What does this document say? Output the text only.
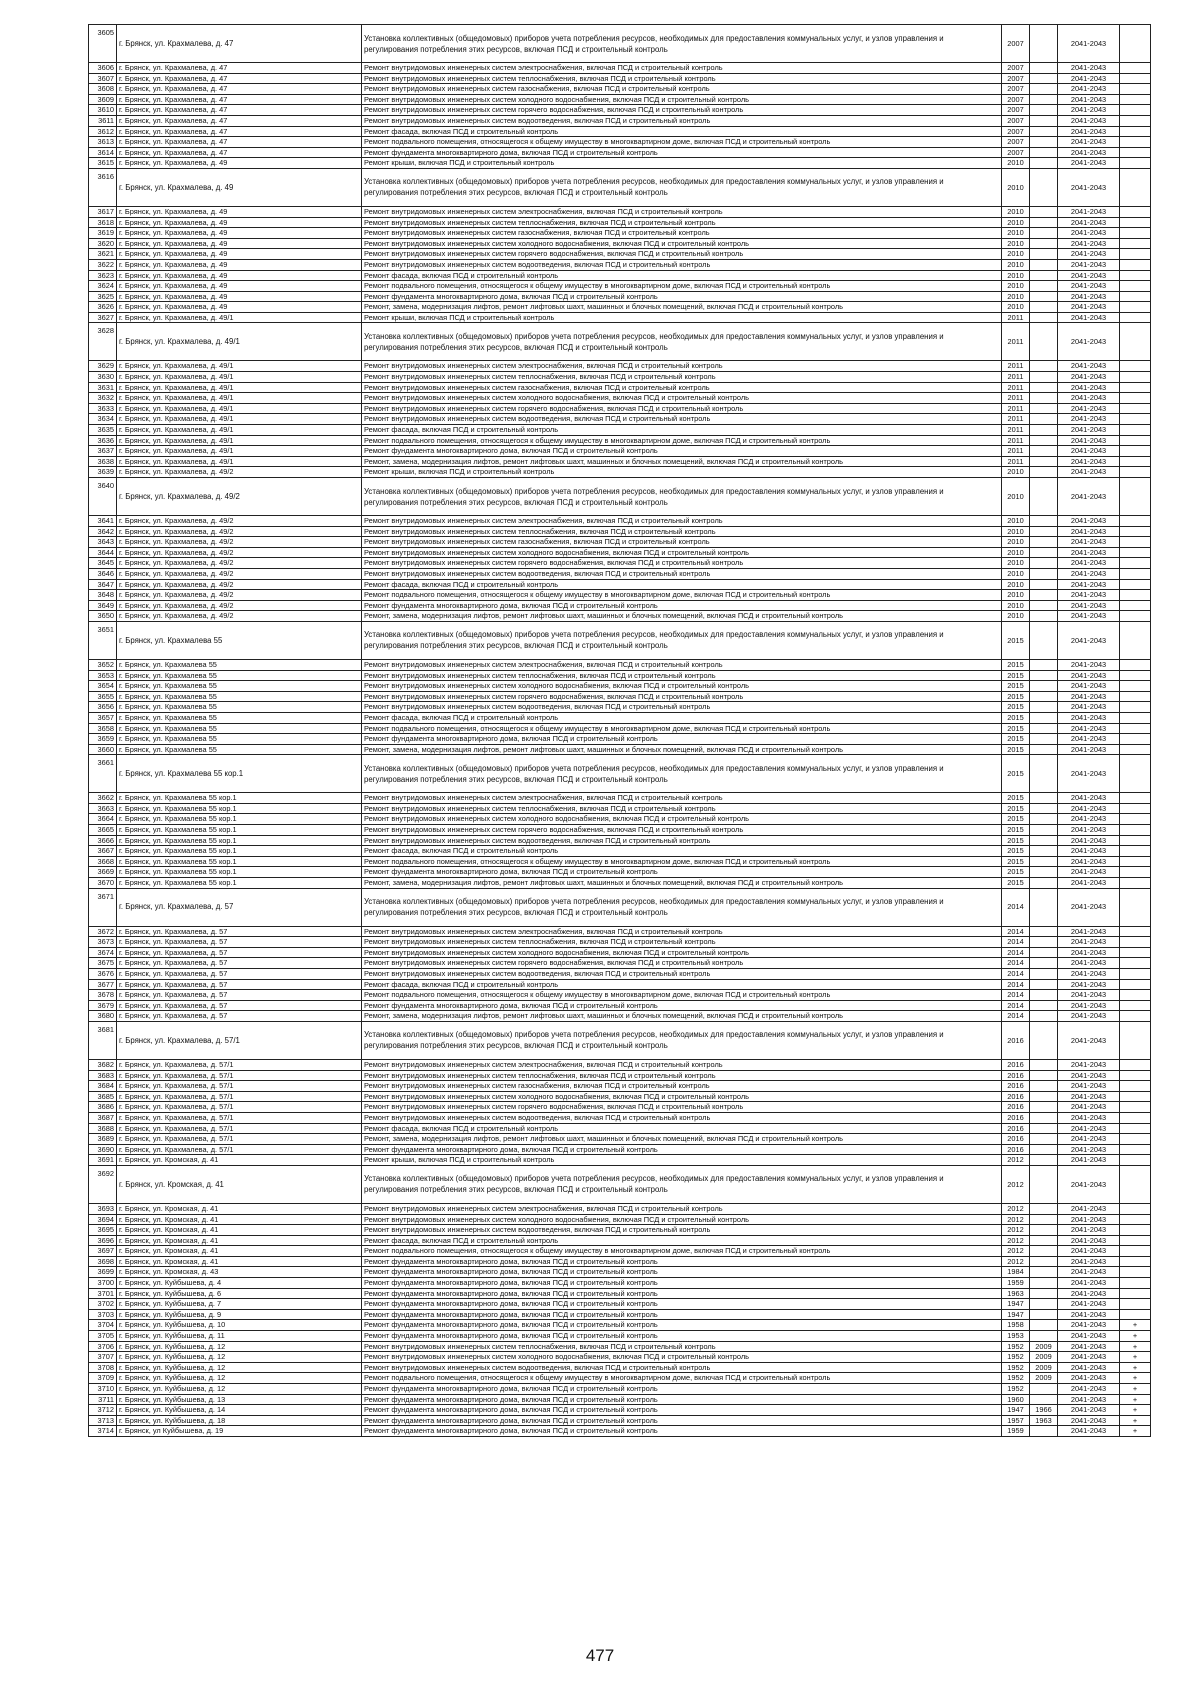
3605	г. Брянск, ул. Крахмалева, д. 47	Установка коллективных (общедомовых) приборов учета потребления ресурсов, необходимых для предоставления коммунальных услуг, и узлов управления и регулирования потребления этих ресурсов, включая ПСД и строительный контроль	2007		2041-2043	
3606	г. Брянск, ул. Крахмалева, д. 47	Ремонт внутридомовых инженерных систем электроснабжения, включая ПСД и строительный контроль	2007		2041-2043	
3607	г. Брянск, ул. Крахмалева, д. 47	Ремонт внутридомовых инженерных систем теплоснабжения, включая ПСД и строительный контроль	2007		2041-2043	
3608	г. Брянск, ул. Крахмалева, д. 47	Ремонт внутридомовых инженерных систем газоснабжения, включая ПСД и строительный контроль	2007		2041-2043	
3609	г. Брянск, ул. Крахмалева, д. 47	Ремонт внутридомовых инженерных систем холодного водоснабжения, включая ПСД и строительный контроль	2007		2041-2043	
3610	г. Брянск, ул. Крахмалева, д. 47	Ремонт внутридомовых инженерных систем горячего водоснабжения, включая ПСД и строительный контроль	2007		2041-2043	
3611	г. Брянск, ул. Крахмалева, д. 47	Ремонт внутридомовых инженерных систем водоотведения, включая ПСД и строительный контроль	2007		2041-2043	
3612	г. Брянск, ул. Крахмалева, д. 47	Ремонт фасада, включая ПСД и строительный контроль	2007		2041-2043	
3613	г. Брянск, ул. Крахмалева, д. 47	Ремонт подвального помещения, относящегося к общему имуществу в многоквартирном доме, включая ПСД и строительный контроль	2007		2041-2043	
3614	г. Брянск, ул. Крахмалева, д. 47	Ремонт фундамента многоквартирного дома, включая ПСД и строительный контроль	2007		2041-2043	
3615	г. Брянск, ул. Крахмалева, д. 49	Ремонт крыши, включая ПСД и строительный контроль	2010		2041-2043	
3616	г. Брянск, ул. Крахмалева, д. 49	Установка коллективных (общедомовых) приборов учета потребления ресурсов, необходимых для предоставления коммунальных услуг, и узлов управления и регулирования потребления этих ресурсов, включая ПСД и строительный контроль	2010		2041-2043	
3617	г. Брянск, ул. Крахмалева, д. 49	Ремонт внутридомовых инженерных систем электроснабжения, включая ПСД и строительный контроль	2010		2041-2043	
3618	г. Брянск, ул. Крахмалева, д. 49	Ремонт внутридомовых инженерных систем теплоснабжения, включая ПСД и строительный контроль	2010		2041-2043	
3619	г. Брянск, ул. Крахмалева, д. 49	Ремонт внутридомовых инженерных систем газоснабжения, включая ПСД и строительный контроль	2010		2041-2043	
3620	г. Брянск, ул. Крахмалева, д. 49	Ремонт внутридомовых инженерных систем холодного водоснабжения, включая ПСД и строительный контроль	2010		2041-2043	
3621	г. Брянск, ул. Крахмалева, д. 49	Ремонт внутридомовых инженерных систем горячего водоснабжения, включая ПСД и строительный контроль	2010		2041-2043	
3622	г. Брянск, ул. Крахмалева, д. 49	Ремонт внутридомовых инженерных систем водоотведения, включая ПСД и строительный контроль	2010		2041-2043	
3623	г. Брянск, ул. Крахмалева, д. 49	Ремонт фасада, включая ПСД и строительный контроль	2010		2041-2043	
3624	г. Брянск, ул. Крахмалева, д. 49	Ремонт подвального помещения, относящегося к общему имуществу в многоквартирном доме, включая ПСД и строительный контроль	2010		2041-2043	
3625	г. Брянск, ул. Крахмалева, д. 49	Ремонт фундамента многоквартирного дома, включая ПСД и строительный контроль	2010		2041-2043	
3626	г. Брянск, ул. Крахмалева, д. 49	Ремонт, замена, модернизация лифтов, ремонт лифтовых шахт, машинных и блочных помещений, включая ПСД и строительный контроль	2010		2041-2043	
3627	г. Брянск, ул. Крахмалева, д. 49/1	Ремонт крыши, включая ПСД и строительный контроль	2011		2041-2043	
3628	г. Брянск, ул. Крахмалева, д. 49/1	Установка коллективных (общедомовых) приборов учета потребления ресурсов, необходимых для предоставления коммунальных услуг, и узлов управления и регулирования потребления этих ресурсов, включая ПСД и строительный контроль	2011		2041-2043	
3629	г. Брянск, ул. Крахмалева, д. 49/1	Ремонт внутридомовых инженерных систем электроснабжения, включая ПСД и строительный контроль	2011		2041-2043	
3630	г. Брянск, ул. Крахмалева, д. 49/1	Ремонт внутридомовых инженерных систем теплоснабжения, включая ПСД и строительный контроль	2011		2041-2043	
3631	г. Брянск, ул. Крахмалева, д. 49/1	Ремонт внутридомовых инженерных систем газоснабжения, включая ПСД и строительный контроль	2011		2041-2043	
3632	г. Брянск, ул. Крахмалева, д. 49/1	Ремонт внутридомовых инженерных систем холодного водоснабжения, включая ПСД и строительный контроль	2011		2041-2043	
3633	г. Брянск, ул. Крахмалева, д. 49/1	Ремонт внутридомовых инженерных систем горячего водоснабжения, включая ПСД и строительный контроль	2011		2041-2043	
3634	г. Брянск, ул. Крахмалева, д. 49/1	Ремонт внутридомовых инженерных систем водоотведения, включая ПСД и строительный контроль	2011		2041-2043	
3635	г. Брянск, ул. Крахмалева, д. 49/1	Ремонт фасада, включая ПСД и строительный контроль	2011		2041-2043	
3636	г. Брянск, ул. Крахмалева, д. 49/1	Ремонт подвального помещения, относящегося к общему имуществу в многоквартирном доме, включая ПСД и строительный контроль	2011		2041-2043	
3637	г. Брянск, ул. Крахмалева, д. 49/1	Ремонт фундамента многоквартирного дома, включая ПСД и строительный контроль	2011		2041-2043	
3638	г. Брянск, ул. Крахмалева, д. 49/1	Ремонт, замена, модернизация лифтов, ремонт лифтовых шахт, машинных и блочных помещений, включая ПСД и строительный контроль	2011		2041-2043	
3639	г. Брянск, ул. Крахмалева, д. 49/2	Ремонт крыши, включая ПСД и строительный контроль	2010		2041-2043	
3640	г. Брянск, ул. Крахмалева, д. 49/2	Установка коллективных (общедомовых) приборов учета потребления ресурсов, необходимых для предоставления коммунальных услуг, и узлов управления и регулирования потребления этих ресурсов, включая ПСД и строительный контроль	2010		2041-2043	
3641	г. Брянск, ул. Крахмалева, д. 49/2	Ремонт внутридомовых инженерных систем электроснабжения, включая ПСД и строительный контроль	2010		2041-2043	
3642	г. Брянск, ул. Крахмалева, д. 49/2	Ремонт внутридомовых инженерных систем теплоснабжения, включая ПСД и строительный контроль	2010		2041-2043	
3643	г. Брянск, ул. Крахмалева, д. 49/2	Ремонт внутридомовых инженерных систем газоснабжения, включая ПСД и строительный контроль	2010		2041-2043	
3644	г. Брянск, ул. Крахмалева, д. 49/2	Ремонт внутридомовых инженерных систем холодного водоснабжения, включая ПСД и строительный контроль	2010		2041-2043	
3645	г. Брянск, ул. Крахмалева, д. 49/2	Ремонт внутридомовых инженерных систем горячего водоснабжения, включая ПСД и строительный контроль	2010		2041-2043	
3646	г. Брянск, ул. Крахмалева, д. 49/2	Ремонт внутридомовых инженерных систем водоотведения, включая ПСД и строительный контроль	2010		2041-2043	
3647	г. Брянск, ул. Крахмалева, д. 49/2	Ремонт фасада, включая ПСД и строительный контроль	2010		2041-2043	
3648	г. Брянск, ул. Крахмалева, д. 49/2	Ремонт подвального помещения, относящегося к общему имуществу в многоквартирном доме, включая ПСД и строительный контроль	2010		2041-2043	
3649	г. Брянск, ул. Крахмалева, д. 49/2	Ремонт фундамента многоквартирного дома, включая ПСД и строительный контроль	2010		2041-2043	
3650	г. Брянск, ул. Крахмалева, д. 49/2	Ремонт, замена, модернизация лифтов, ремонт лифтовых шахт, машинных и блочных помещений, включая ПСД и строительный контроль	2010		2041-2043	
3651	г. Брянск, ул. Крахмалева 55	Установка коллективных (общедомовых) приборов учета потребления ресурсов, необходимых для предоставления коммунальных услуг, и узлов управления и регулирования потребления этих ресурсов, включая ПСД и строительный контроль	2015		2041-2043	
3652	г. Брянск, ул. Крахмалева 55	Ремонт внутридомовых инженерных систем электроснабжения, включая ПСД и строительный контроль	2015		2041-2043	
3653	г. Брянск, ул. Крахмалева 55	Ремонт внутридомовых инженерных систем теплоснабжения, включая ПСД и строительный контроль	2015		2041-2043	
3654	г. Брянск, ул. Крахмалева 55	Ремонт внутридомовых инженерных систем холодного водоснабжения, включая ПСД и строительный контроль	2015		2041-2043	
3655	г. Брянск, ул. Крахмалева 55	Ремонт внутридомовых инженерных систем горячего водоснабжения, включая ПСД и строительный контроль	2015		2041-2043	
3656	г. Брянск, ул. Крахмалева 55	Ремонт внутридомовых инженерных систем водоотведения, включая ПСД и строительный контроль	2015		2041-2043	
3657	г. Брянск, ул. Крахмалева 55	Ремонт фасада, включая ПСД и строительный контроль	2015		2041-2043	
3658	г. Брянск, ул. Крахмалева 55	Ремонт подвального помещения, относящегося к общему имуществу в многоквартирном доме, включая ПСД и строительный контроль	2015		2041-2043	
3659	г. Брянск, ул. Крахмалева 55	Ремонт фундамента многоквартирного дома, включая ПСД и строительный контроль	2015		2041-2043	
3660	г. Брянск, ул. Крахмалева 55	Ремонт, замена, модернизация лифтов, ремонт лифтовых шахт, машинных и блочных помещений, включая ПСД и строительный контроль	2015		2041-2043	
3661	г. Брянск, ул. Крахмалева 55 кор.1	Установка коллективных (общедомовых) приборов учета потребления ресурсов, необходимых для предоставления коммунальных услуг, и узлов управления и регулирования потребления этих ресурсов, включая ПСД и строительный контроль	2015		2041-2043	
3662	г. Брянск, ул. Крахмалева 55 кор.1	Ремонт внутридомовых инженерных систем электроснабжения, включая ПСД и строительный контроль	2015		2041-2043	
3663	г. Брянск, ул. Крахмалева 55 кор.1	Ремонт внутридомовых инженерных систем теплоснабжения, включая ПСД и строительный контроль	2015		2041-2043	
3664	г. Брянск, ул. Крахмалева 55 кор.1	Ремонт внутридомовых инженерных систем холодного водоснабжения, включая ПСД и строительный контроль	2015		2041-2043	
3665	г. Брянск, ул. Крахмалева 55 кор.1	Ремонт внутридомовых инженерных систем горячего водоснабжения, включая ПСД и строительный контроль	2015		2041-2043	
3666	г. Брянск, ул. Крахмалева 55 кор.1	Ремонт внутридомовых инженерных систем водоотведения, включая ПСД и строительный контроль	2015		2041-2043	
3667	г. Брянск, ул. Крахмалева 55 кор.1	Ремонт фасада, включая ПСД и строительный контроль	2015		2041-2043	
3668	г. Брянск, ул. Крахмалева 55 кор.1	Ремонт подвального помещения, относящегося к общему имуществу в многоквартирном доме, включая ПСД и строительный контроль	2015		2041-2043	
3669	г. Брянск, ул. Крахмалева 55 кор.1	Ремонт фундамента многоквартирного дома, включая ПСД и строительный контроль	2015		2041-2043	
3670	г. Брянск, ул. Крахмалева 55 кор.1	Ремонт, замена, модернизация лифтов, ремонт лифтовых шахт, машинных и блочных помещений, включая ПСД и строительный контроль	2015		2041-2043	
3671	г. Брянск, ул. Крахмалева, д. 57	Установка коллективных (общедомовых) приборов учета потребления ресурсов, необходимых для предоставления коммунальных услуг, и узлов управления и регулирования потребления этих ресурсов, включая ПСД и строительный контроль	2014		2041-2043	
3672	г. Брянск, ул. Крахмалева, д. 57	Ремонт внутридомовых инженерных систем электроснабжения, включая ПСД и строительный контроль	2014		2041-2043	
3673	г. Брянск, ул. Крахмалева, д. 57	Ремонт внутридомовых инженерных систем теплоснабжения, включая ПСД и строительный контроль	2014		2041-2043	
3674	г. Брянск, ул. Крахмалева, д. 57	Ремонт внутридомовых инженерных систем холодного водоснабжения, включая ПСД и строительный контроль	2014		2041-2043	
3675	г. Брянск, ул. Крахмалева, д. 57	Ремонт внутридомовых инженерных систем горячего водоснабжения, включая ПСД и строительный контроль	2014		2041-2043	
3676	г. Брянск, ул. Крахмалева, д. 57	Ремонт внутридомовых инженерных систем водоотведения, включая ПСД и строительный контроль	2014		2041-2043	
3677	г. Брянск, ул. Крахмалева, д. 57	Ремонт фасада, включая ПСД и строительный контроль	2014		2041-2043	
3678	г. Брянск, ул. Крахмалева, д. 57	Ремонт подвального помещения, относящегося к общему имуществу в многоквартирном доме, включая ПСД и строительный контроль	2014		2041-2043	
3679	г. Брянск, ул. Крахмалева, д. 57	Ремонт фундамента многоквартирного дома, включая ПСД и строительный контроль	2014		2041-2043	
3680	г. Брянск, ул. Крахмалева, д. 57	Ремонт, замена, модернизация лифтов, ремонт лифтовых шахт, машинных и блочных помещений, включая ПСД и строительный контроль	2014		2041-2043	
3681	г. Брянск, ул. Крахмалева, д. 57/1	Установка коллективных (общедомовых) приборов учета потребления ресурсов, необходимых для предоставления коммунальных услуг, и узлов управления и регулирования потребления этих ресурсов, включая ПСД и строительный контроль	2016		2041-2043	
3682	г. Брянск, ул. Крахмалева, д. 57/1	Ремонт внутридомовых инженерных систем электроснабжения, включая ПСД и строительный контроль	2016		2041-2043	
3683	г. Брянск, ул. Крахмалева, д. 57/1	Ремонт внутридомовых инженерных систем теплоснабжения, включая ПСД и строительный контроль	2016		2041-2043	
3684	г. Брянск, ул. Крахмалева, д. 57/1	Ремонт внутридомовых инженерных систем газоснабжения, включая ПСД и строительный контроль	2016		2041-2043	
3685	г. Брянск, ул. Крахмалева, д. 57/1	Ремонт внутридомовых инженерных систем холодного водоснабжения, включая ПСД и строительный контроль	2016		2041-2043	
3686	г. Брянск, ул. Крахмалева, д. 57/1	Ремонт внутридомовых инженерных систем горячего водоснабжения, включая ПСД и строительный контроль	2016		2041-2043	
3687	г. Брянск, ул. Крахмалева, д. 57/1	Ремонт внутридомовых инженерных систем водоотведения, включая ПСД и строительный контроль	2016		2041-2043	
3688	г. Брянск, ул. Крахмалева, д. 57/1	Ремонт фасада, включая ПСД и строительный контроль	2016		2041-2043	
3689	г. Брянск, ул. Крахмалева, д. 57/1	Ремонт, замена, модернизация лифтов, ремонт лифтовых шахт, машинных и блочных помещений, включая ПСД и строительный контроль	2016		2041-2043	
3690	г. Брянск, ул. Крахмалева, д. 57/1	Ремонт фундамента многоквартирного дома, включая ПСД и строительный контроль	2016		2041-2043	
3691	г. Брянск, ул. Кромская, д. 41	Ремонт крыши, включая ПСД и строительный контроль	2012		2041-2043	
3692	г. Брянск, ул. Кромская, д. 41	Установка коллективных (общедомовых) приборов учета потребления ресурсов, необходимых для предоставления коммунальных услуг, и узлов управления и регулирования потребления этих ресурсов, включая ПСД и строительный контроль	2012		2041-2043	
3693	г. Брянск, ул. Кромская, д. 41	Ремонт внутридомовых инженерных систем электроснабжения, включая ПСД и строительный контроль	2012		2041-2043	
3694	г. Брянск, ул. Кромская, д. 41	Ремонт внутридомовых инженерных систем холодного водоснабжения, включая ПСД и строительный контроль	2012		2041-2043	
3695	г. Брянск, ул. Кромская, д. 41	Ремонт внутридомовых инженерных систем водоотведения, включая ПСД и строительный контроль	2012		2041-2043	
3696	г. Брянск, ул. Кромская, д. 41	Ремонт фасада, включая ПСД и строительный контроль	2012		2041-2043	
3697	г. Брянск, ул. Кромская, д. 41	Ремонт подвального помещения, относящегося к общему имуществу в многоквартирном доме, включая ПСД и строительный контроль	2012		2041-2043	
3698	г. Брянск, ул. Кромская, д. 41	Ремонт фундамента многоквартирного дома, включая ПСД и строительный контроль	2012		2041-2043	
3699	г. Брянск, ул. Кромская, д. 43	Ремонт фундамента многоквартирного дома, включая ПСД и строительный контроль	1984		2041-2043	
3700	г. Брянск, ул. Куйбышева, д. 4	Ремонт фундамента многоквартирного дома, включая ПСД и строительный контроль	1959		2041-2043	
3701	г. Брянск, ул. Куйбышева, д. 6	Ремонт фундамента многоквартирного дома, включая ПСД и строительный контроль	1963		2041-2043	
3702	г. Брянск, ул. Куйбышева, д. 7	Ремонт фундамента многоквартирного дома, включая ПСД и строительный контроль	1947		2041-2043	
3703	г. Брянск, ул. Куйбышева, д. 9	Ремонт фундамента многоквартирного дома, включая ПСД и строительный контроль	1947		2041-2043	
3704	г. Брянск, ул. Куйбышева, д. 10	Ремонт фундамента многоквартирного дома, включая ПСД и строительный контроль	1958		2041-2043	+
3705	г. Брянск, ул. Куйбышева, д. 11	Ремонт фундамента многоквартирного дома, включая ПСД и строительный контроль	1953		2041-2043	+
3706	г. Брянск, ул. Куйбышева, д. 12	Ремонт внутридомовых инженерных систем теплоснабжения, включая ПСД и строительный контроль	1952	2009	2041-2043	+
3707	г. Брянск, ул. Куйбышева, д. 12	Ремонт внутридомовых инженерных систем холодного водоснабжения, включая ПСД и строительный контроль	1952	2009	2041-2043	+
3708	г. Брянск, ул. Куйбышева, д. 12	Ремонт внутридомовых инженерных систем водоотведения, включая ПСД и строительный контроль	1952	2009	2041-2043	+
3709	г. Брянск, ул. Куйбышева, д. 12	Ремонт подвального помещения, относящегося к общему имуществу в многоквартирном доме, включая ПСД и строительный контроль	1952	2009	2041-2043	+
3710	г. Брянск, ул. Куйбышева, д. 12	Ремонт фундамента многоквартирного дома, включая ПСД и строительный контроль	1952		2041-2043	+
3711	г. Брянск, ул. Куйбышева, д. 13	Ремонт фундамента многоквартирного дома, включая ПСД и строительный контроль	1960		2041-2043	+
3712	г. Брянск, ул. Куйбышева, д. 14	Ремонт фундамента многоквартирного дома, включая ПСД и строительный контроль	1947	1966	2041-2043	+
3713	г. Брянск, ул. Куйбышева, д. 18	Ремонт фундамента многоквартирного дома, включая ПСД и строительный контроль	1957	1963	2041-2043	+
3714	г. Брянск, ул Куйбышева, д. 19	Ремонт фундамента многоквартирного дома, включая ПСД и строительный контроль	1959		2041-2043	+
477
